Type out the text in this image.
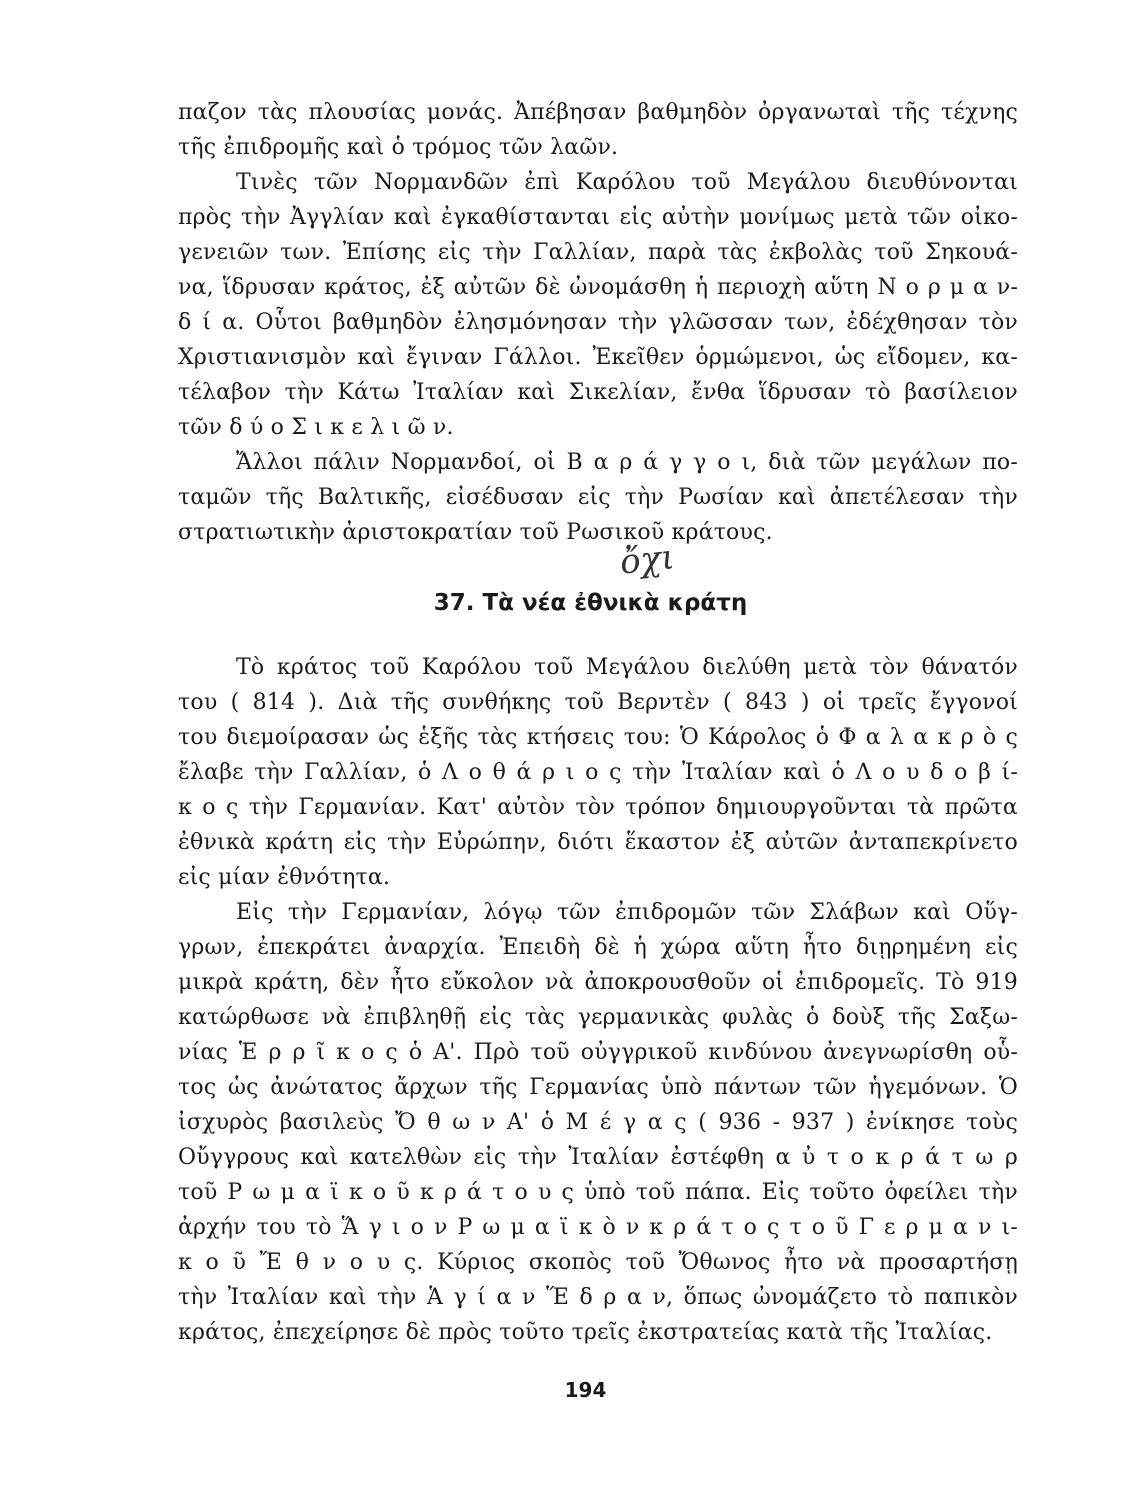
παζον τὰς πλουσίας μονάς. Ἀπέβησαν βαθμηδὸν ὀργανωταὶ τῆς τέχνης
τῆς ἐπιδρομῆς καὶ ὁ τρόμος τῶν λαῶν.
Τινὲς τῶν Νορμανδῶν ἐπὶ Καρόλου τοῦ Μεγάλου διευθύνονται
πρὸς τὴν Ἀγγλίαν καὶ ἐγκαθίστανται εἰς αὐτὴν μονίμως μετὰ τῶν οἰκο-
γενειῶν των. Ἐπίσης εἰς τὴν Γαλλίαν, παρὰ τὰς ἐκβολὰς τοῦ Σηκουά-
να, ἵδρυσαν κράτος, ἐξ αὐτῶν δὲ ὠνομάσθη ἡ περιοχὴ αὕτη Ν ο ρ μ α ν-
δ ί α. Οὗτοι βαθμηδὸν ἐλησμόνησαν τὴν γλῶσσαν των, ἐδέχθησαν τὸν
Χριστιανισμὸν καὶ ἔγιναν Γάλλοι. Ἐκεῖθεν ὁρμώμενοι, ὡς εἴδομεν, κα-
τέλαβον τὴν Κάτω Ἰταλίαν καὶ Σικελίαν, ἔνθα ἵδρυσαν τὸ βασίλειον
τῶν δ ύ ο Σ ι κ ε λ ι ῶ ν.
Ἄλλοι πάλιν Νορμανδοί, οἱ Β α ρ ά γ γ ο ι, διὰ τῶν μεγάλων πο-
ταμῶν τῆς Βαλτικῆς, εἰσέδυσαν εἰς τὴν Ρωσίαν καὶ ἀπετέλεσαν τὴν
στρατιωτικὴν ἀριστοκρατίαν τοῦ Ρωσικοῦ κράτους.
ὄχι
37. Τὰ νέα ἐθνικὰ κράτη
Τὸ κράτος τοῦ Καρόλου τοῦ Μεγάλου διελύθη μετὰ τὸν θάνατόν
του ( 814 ). Διὰ τῆς συνθήκης τοῦ Βερντὲν ( 843 ) οἱ τρεῖς ἔγγονοί
του διεμοίρασαν ὡς ἑξῆς τὰς κτήσεις του: Ὁ Κάρολος ὁ Φ α λ α κ ρ ὸ ς
ἔλαβε τὴν Γαλλίαν, ὁ Λ ο θ ά ρ ι ο ς τὴν Ἰταλίαν καὶ ὁ Λ ο υ δ ο β ί-
κ ο ς τὴν Γερμανίαν. Κατ' αὐτὸν τὸν τρόπον δημιουργοῦνται τὰ πρῶτα
ἐθνικὰ κράτη εἰς τὴν Εὐρώπην, διότι ἕκαστον ἐξ αὐτῶν ἀνταπεκρίνετο
εἰς μίαν ἐθνότητα.
Εἰς τὴν Γερμανίαν, λόγῳ τῶν ἐπιδρομῶν τῶν Σλάβων καὶ Οὕγ-
γρων, ἐπεκράτει ἀναρχία. Ἐπειδὴ δὲ ἡ χώρα αὕτη ἦτο διῃρημένη εἰς
μικρὰ κράτη, δὲν ἦτο εὔκολον νὰ ἀποκρουσθοῦν οἱ ἐπιδρομεῖς. Τὸ 919
κατώρθωσε νὰ ἐπιβληθῇ εἰς τὰς γερμανικὰς φυλὰς ὁ δοὺξ τῆς Σαξω-
νίας Ἑ ρ ρ ῖ κ ο ς ὁ Α'. Πρὸ τοῦ οὐγγρικοῦ κινδύνου ἀνεγνωρίσθη οὗ-
τος ὡς ἀνώτατος ἄρχων τῆς Γερμανίας ὑπὸ πάντων τῶν ἡγεμόνων. Ὁ
ἰσχυρὸς βασιλεὺς Ὄ θ ω ν Α' ὁ Μ έ γ α ς ( 936 - 937 ) ἐνίκησε τοὺς
Οὔγγρους καὶ κατελθὼν εἰς τὴν Ἰταλίαν ἐστέφθη α ὐ τ ο κ ρ ά τ ω ρ
τοῦ Ρ ω μ α ϊ κ ο ῦ κ ρ ά τ ο υ ς ὑπὸ τοῦ πάπα. Εἰς τοῦτο ὀφείλει τὴν
ἀρχήν του τὸ Ἅ γ ι ο ν Ρ ω μ α ϊ κ ὸ ν κ ρ ά τ ο ς τ ο ῦ Γ ε ρ μ α ν ι-
κ ο ῦ Ἔ θ ν ο υ ς. Κύριος σκοπὸς τοῦ Ὄθωνος ἦτο νὰ προσαρτήσῃ
τὴν Ἰταλίαν καὶ τὴν Ἁ γ ί α ν Ἕ δ ρ α ν, ὅπως ὠνομάζετο τὸ παπικὸν
κράτος, ἐπεχείρησε δὲ πρὸς τοῦτο τρεῖς ἐκστρατείας κατὰ τῆς Ἰταλίας.
194
